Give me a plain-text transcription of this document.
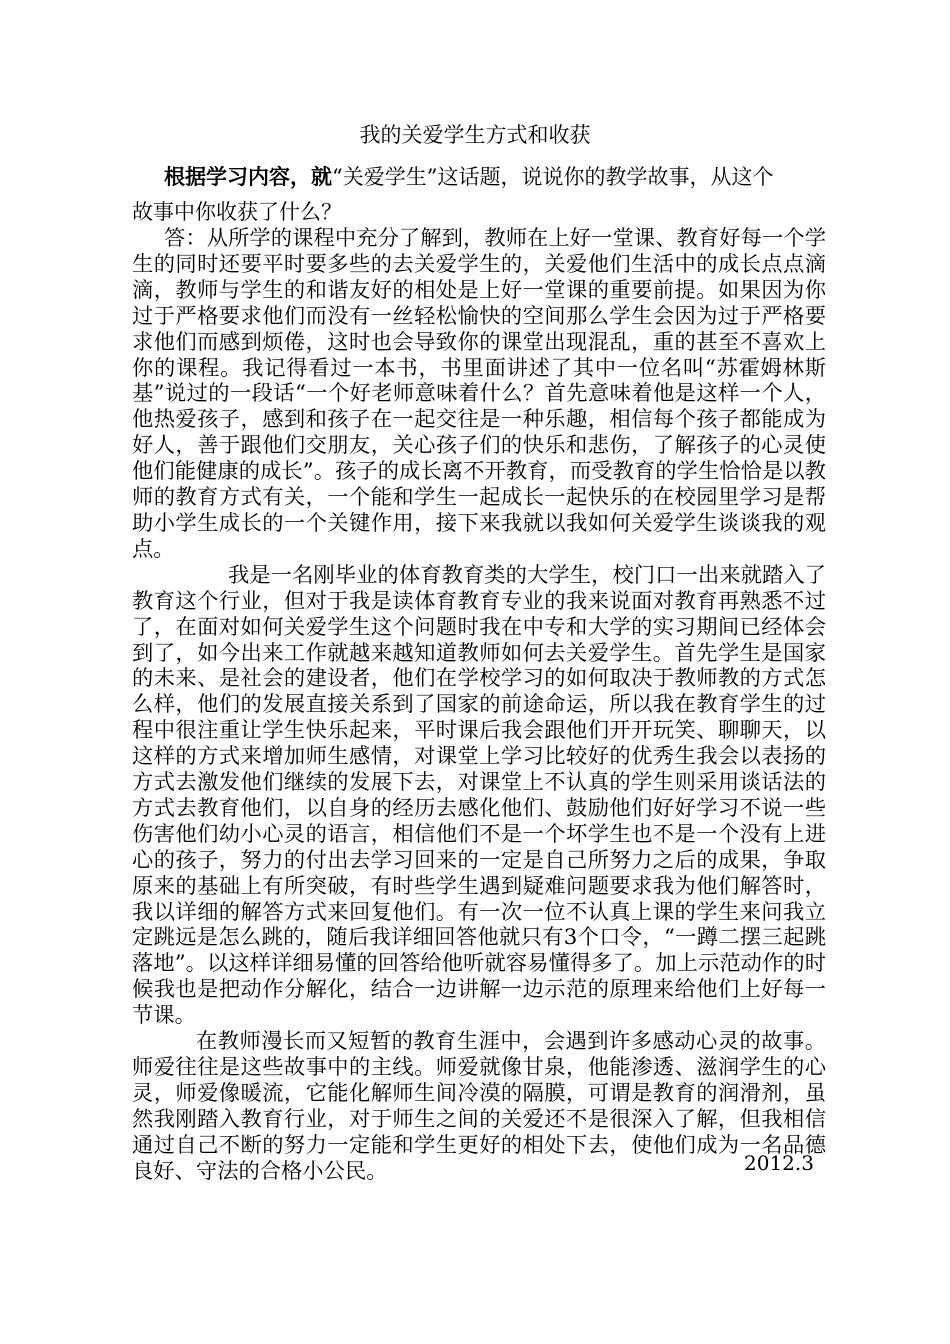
我的关爱学生方式和收获
根据学习内容，就“关爱学生”这话题，说说你的教学故事，从这个
故事中你收获了什么？

答：从所学的课程中充分了解到，教师在上好一堂课、教育好每一个学生的同时还要平时要多些的去关爱学生的，关爱他们生活中的成长点点滴滴，教师与学生的和谐友好的相处是上好一堂课的重要前提。如果因为你过于严格要求他们而没有一丝轻松愉快的空间那么学生会因为过于严格要求他们而感到烦倦，这时也会导致你的课堂出现混乱，重的甚至不喜欢上你的课程。我记得看过一本书，书里面讲述了其中一位名叫“苏霍姆林斯基”说过的一段话“一个好老师意味着什么？首先意味着他是这样一个人，他热爱孩子，感到和孩子在一起交往是一种乐趣，相信每个孩子都能成为好人，善于跟他们交朋友，关心孩子们的快乐和悲伤，了解孩子的心灵使他们能健康的成长”。孩子的成长离不开教育，而受教育的学生恰恰是以教师的教育方式有关，一个能和学生一起成长一起快乐的在校园里学习是帮助小学生成长的一个关键作用，接下来我就以我如何关爱学生谈谈我的观点。

我是一名刚毕业的体育教育类的大学生，校门口一出来就踏入了教育这个行业，但对于我是读体育教育专业的我来说面对教育再熟悉不过了，在面对如何关爱学生这个问题时我在中专和大学的实习期间已经体会到了，如今出来工作就越来越知道教师如何去关爱学生。首先学生是国家的未来、是社会的建设者，他们在学校学习的如何取决于教师教的方式怎么样，他们的发展直接关系到了国家的前途命运，所以我在教育学生的过程中很注重让学生快乐起来，平时课后我会跟他们开开玩笑、聊聊天，以这样的方式来增加师生感情，对课堂上学习比较好的优秀生我会以表扬的方式去激发他们继续的发展下去，对课堂上不认真的学生则采用谈话法的方式去教育他们，以自身的经历去感化他们、鼓励他们好好学习不说一些伤害他们幼小心灵的语言，相信他们不是一个坏学生也不是一个没有上进心的孩子，努力的付出去学习回来的一定是自己所努力之后的成果，争取原来的基础上有所突破，有时些学生遇到疑难问题要求我为他们解答时，我以详细的解答方式来回复他们。有一次一位不认真上课的学生来问我立定跳远是怎么跳的，随后我详细回答他就只有3个口令，“一蹲二摆三起跳落地”。以这样详细易懂的回答给他听就容易懂得多了。加上示范动作的时候我也是把动作分解化，结合一边讲解一边示范的原理来给他们上好每一节课。

在教师漫长而又短暂的教育生涯中，会遇到许多感动心灵的故事。师爱往往是这些故事中的主线。师爱就像甘泉，他能渗透、滋润学生的心灵，师爱像暖流，它能化解师生间冷漠的隔膜，可谓是教育的润滑剂，虽然我刚踏入教育行业，对于师生之间的关爱还不是很深入了解，但我相信通过自己不断的努力一定能和学生更好的相处下去，使他们成为一名品德良好、守法的合格小公民。	2012.3
